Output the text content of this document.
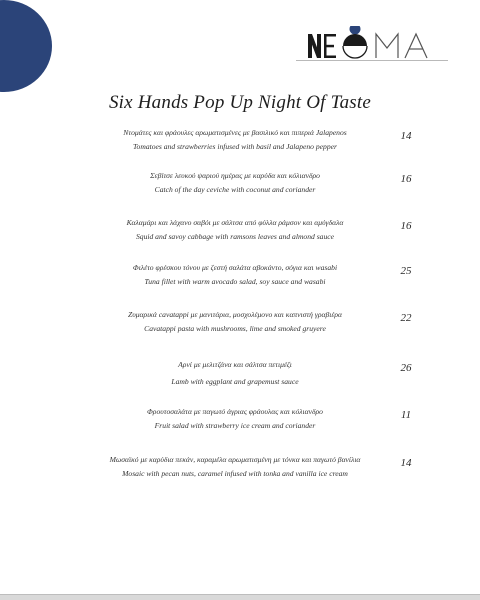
Six Hands Pop Up Night Of Taste
Ντομάτες και φράουλες αρωματισμένες με βασιλικό και πιπεριά Jalapenos
Tomatoes and strawberries infused with basil and Jalapeno pepper
14
Σεβίτσε λευκού ψαριού ημέρας με καρύδα και κόλιανδρο
Catch of the day ceviche with coconut and coriander
16
Καλαμάρι και λάχανο σαβόι με σάλτσα από φύλλα ράμσον και αμύγδαλα
Squid and savoy cabbage with ramsons leaves and almond sauce
16
Φιλέτο φρέσκου τόνου με ζεστή σαλάτα αβοκάντο, σόγια και wasabi
Tuna fillet with warm avocado salad, soy sauce and wasabi
25
Ζυμαρικά cavatappi με μανιτάρια, μοσχολέμονο και καπνιστή γραβιέρα
Cavatappi pasta with mushrooms, lime and smoked gruyere
22
Αρνί με μελιτζάνα και σάλτσα πετιμέζι
Lamb with eggplant and grapemust sauce
26
Φρουτοσαλάτα με παγωτό άγριας φράουλας και κόλιανδρο
Fruit salad with strawberry ice cream and coriander
11
Μωσαϊκό με καρύδια πεκάν, καραμέλα αρωματισμένη με τόνκα και παγωτό βανίλια
Mosaic with pecan nuts, caramel infused with tonka and vanilla ice cream
14
